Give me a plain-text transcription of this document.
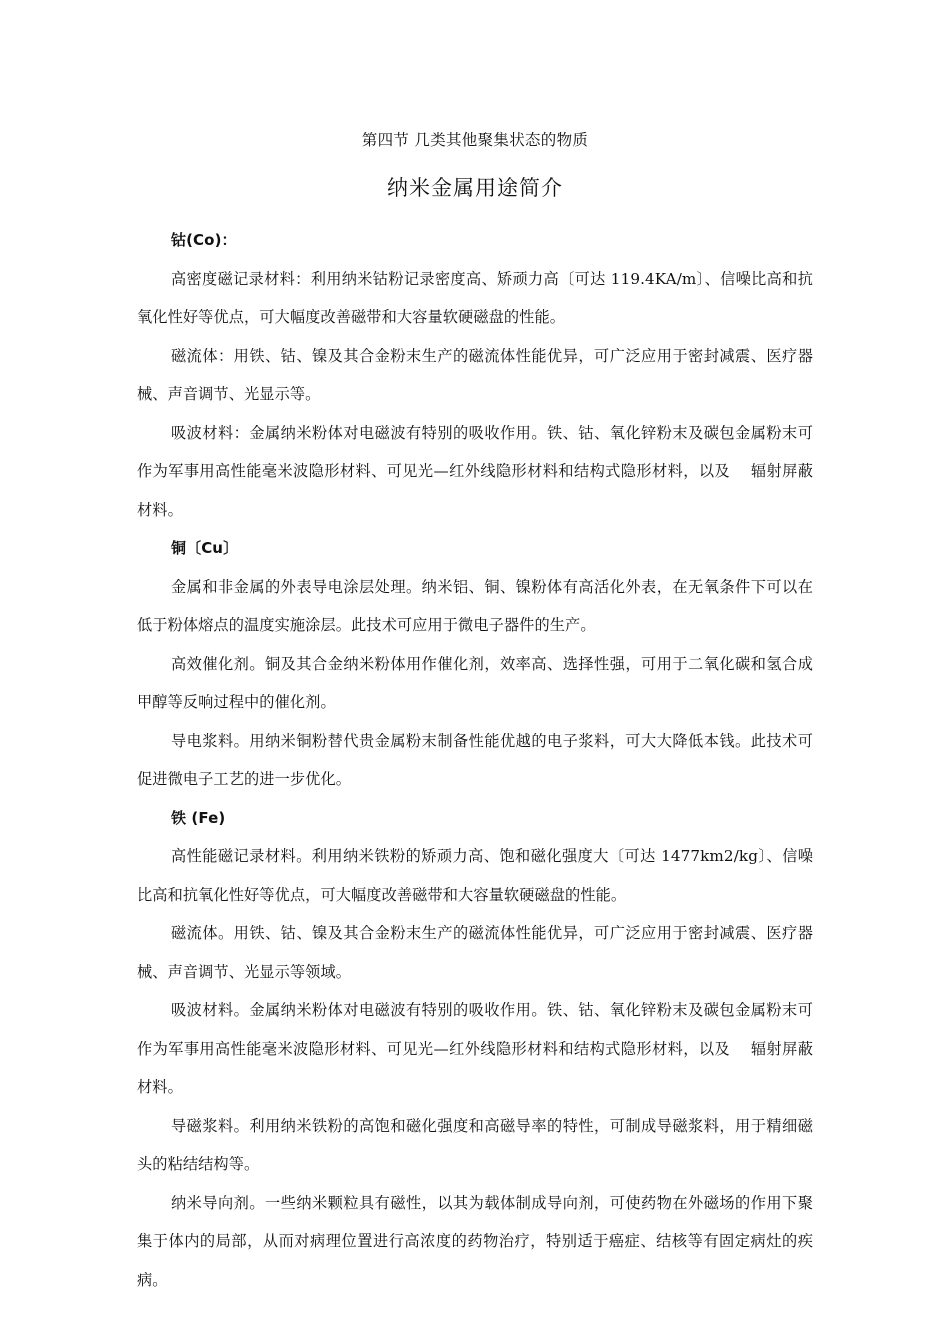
第四节 几类其他聚集状态的物质
纳米金属用途简介

钴(Co)：

高密度磁记录材料：利用纳米钴粉记录密度高、矫顽力高〔可达 119.4KA/m〕、信噪比高和抗氧化性好等优点，可大幅度改善磁带和大容量软硬磁盘的性能。

磁流体：用铁、钴、镍及其合金粉末生产的磁流体性能优异，可广泛应用于密封减震、医疗器械、声音调节、光显示等。

吸波材料：金属纳米粉体对电磁波有特别的吸收作用。铁、钴、氧化锌粉末及碳包金属粉末可作为军事用高性能毫米波隐形材料、可见光—红外线隐形材料和结构式隐形材料，以及　 辐射屏蔽材料。

铜〔Cu〕

金属和非金属的外表导电涂层处理。纳米铝、铜、镍粉体有高活化外表，在无氧条件下可以在低于粉体熔点的温度实施涂层。此技术可应用于微电子器件的生产。

高效催化剂。铜及其合金纳米粉体用作催化剂，效率高、选择性强，可用于二氧化碳和氢合成甲醇等反响过程中的催化剂。

导电浆料。用纳米铜粉替代贵金属粉末制备性能优越的电子浆料，可大大降低本钱。此技术可促进微电子工艺的进一步优化。

铁 (Fe)

高性能磁记录材料。利用纳米铁粉的矫顽力高、饱和磁化强度大〔可达 1477km2/kg〕、信噪比高和抗氧化性好等优点，可大幅度改善磁带和大容量软硬磁盘的性能。

磁流体。用铁、钴、镍及其合金粉末生产的磁流体性能优异，可广泛应用于密封减震、医疗器械、声音调节、光显示等领域。

吸波材料。金属纳米粉体对电磁波有特别的吸收作用。铁、钴、氧化锌粉末及碳包金属粉末可作为军事用高性能毫米波隐形材料、可见光—红外线隐形材料和结构式隐形材料，以及　 辐射屏蔽材料。

导磁浆料。利用纳米铁粉的高饱和磁化强度和高磁导率的特性，可制成导磁浆料，用于精细磁头的粘结结构等。

纳米导向剂。一些纳米颗粒具有磁性，以其为载体制成导向剂，可使药物在外磁场的作用下聚集于体内的局部，从而对病理位置进行高浓度的药物治疗，特别适于癌症、结核等有固定病灶的疾病。
